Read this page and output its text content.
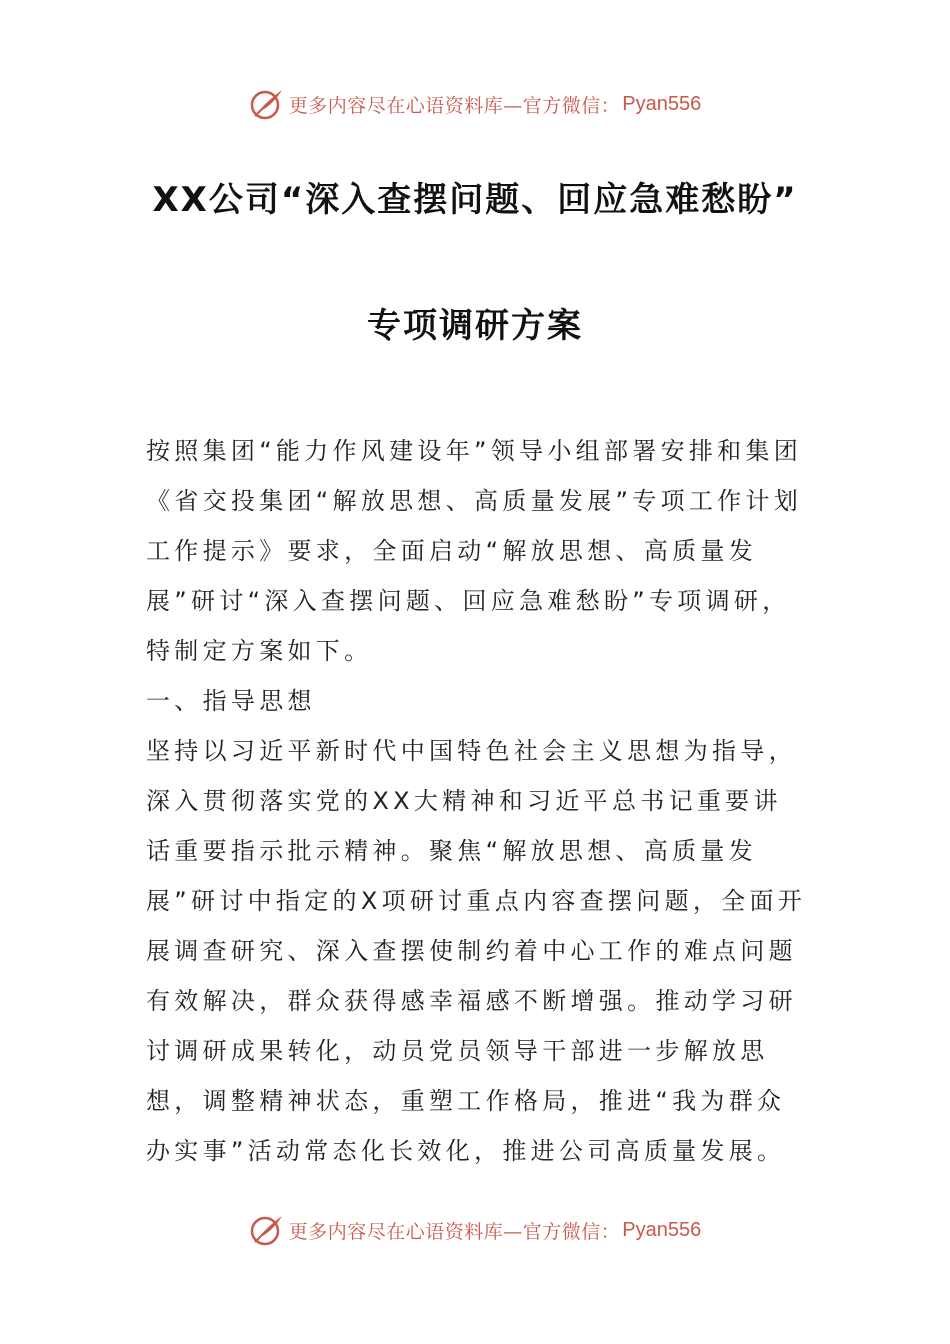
更多内容尽在心语资料库—官方微信： Pyan556
XX公司“深入查摆问题、回应急难愁盼”
专项调研方案

按照集团“能力作风建设年”领导小组部署安排和集团《省交投集团“解放思想、高质量发展”专项工作计划工作提示》要求，全面启动“解放思想、高质量发展”研讨“深入查摆问题、回应急难愁盼”专项调研，特制定方案如下。

一、指导思想

坚持以习近平新时代中国特色社会主义思想为指导，深入贯彻落实党的XX大精神和习近平总书记重要讲话重要指示批示精神。聚焦“解放思想、高质量发展”研讨中指定的X项研讨重点内容查摆问题，全面开展调查研究、深入查摆使制约着中心工作的难点问题有效解决，群众获得感幸福感不断增强。推动学习研讨调研成果转化，动员党员领导干部进一步解放思想，调整精神状态，重塑工作格局，推进“我为群众办实事”活动常态化长效化，推进公司高质量发展。

更多内容尽在心语资料库—官方微信： Pyan556
